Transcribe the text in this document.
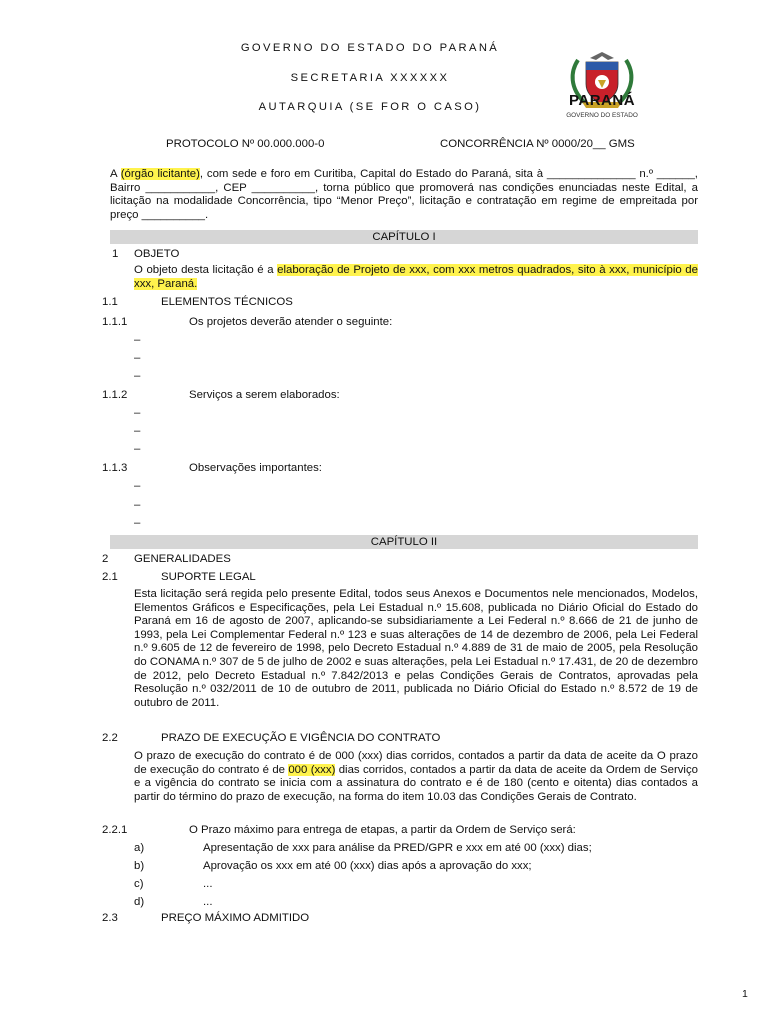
GOVERNO DO ESTADO DO PARANÁ
SECRETARIA XXXXXX
AUTARQUIA (SE FOR O CASO)	PARANÁ
GOVERNO DO ESTADO
PROTOCOLO Nº 00.000.000-0	CONCORRÊNCIA Nº 0000/20__ GMS
A (órgão licitante), com sede e foro em Curitiba, Capital do Estado do Paraná, sita à ______________ n.º ______, Bairro ___________, CEP __________, torna público que promoverá nas condições enunciadas neste Edital, a licitação na modalidade Concorrência, tipo “Menor Preço”, licitação e contratação em regime de empreitada por preço __________.
CAPÍTULO I
1 OBJETO
O objeto desta licitação é a elaboração de Projeto de xxx, com xxx metros quadrados, sito à xxx, município de xxx, Paraná.
1.1	ELEMENTOS TÉCNICOS
1.1.1	Os projetos deverão atender o seguinte:
–
–
–
1.1.2	Serviços a serem elaborados:
–
–
–
1.1.3	Observações importantes:
–
–
–
CAPÍTULO II
2 GENERALIDADES
2.1	SUPORTE LEGAL
Esta licitação será regida pelo presente Edital, todos seus Anexos e Documentos nele mencionados, Modelos, Elementos Gráficos e Especificações, pela Lei Estadual n.º 15.608, publicada no Diário Oficial do Estado do Paraná em 16 de agosto de 2007, aplicando-se subsidiariamente a Lei Federal n.º 8.666 de 21 de junho de 1993, pela Lei Complementar Federal n.º 123 e suas alterações de 14 de dezembro de 2006, pela Lei Federal n.º 9.605 de 12 de fevereiro de 1998, pelo Decreto Estadual n.º 4.889 de 31 de maio de 2005, pela Resolução do CONAMA n.º 307 de 5 de julho de 2002 e suas alterações, pela Lei Estadual n.º 17.431, de 20 de dezembro de 2012, pelo Decreto Estadual n.º 7.842/2013 e pelas Condições Gerais de Contratos, aprovadas pela Resolução n.º 032/2011 de 10 de outubro de 2011, publicada no Diário Oficial do Estado n.º 8.572 de 19 de outubro de 2011.
2.2	PRAZO DE EXECUÇÃO E VIGÊNCIA DO CONTRATO
O prazo de execução do contrato é de 000 (xxx) dias corridos, contados a partir da data de aceite da O prazo de execução do contrato é de 000 (xxx) dias corridos, contados a partir da data de aceite da Ordem de Serviço e a vigência do contrato se inicia com a assinatura do contrato e é de 180 (cento e oitenta) dias contados a partir do término do prazo de execução, na forma do item 10.03 das Condições Gerais de Contrato.
2.2.1	O Prazo máximo para entrega de etapas, a partir da Ordem de Serviço será:
a)	Apresentação de xxx para análise da PRED/GPR e xxx em até 00 (xxx) dias;
b)	Aprovação os xxx em até 00 (xxx) dias após a aprovação do xxx;
c)	...
d)	...
2.3	PREÇO MÁXIMO ADMITIDO
1
